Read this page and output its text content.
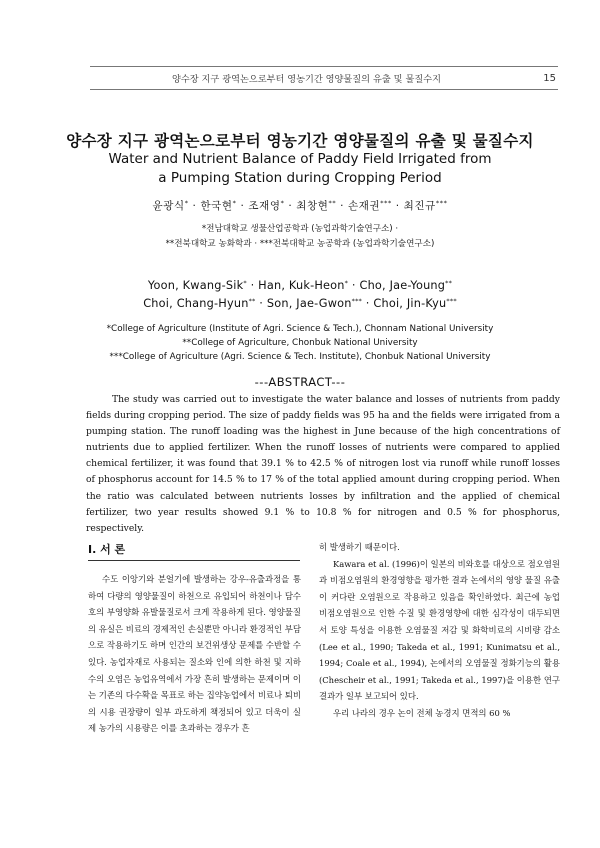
양수장 지구 광역논으로부터 영농기간 영양물질의 유출 및 물질수지	15
양수장 지구 광역논으로부터 영농기간 영양물질의 유출 및 물질수지
Water and Nutrient Balance of Paddy Field Irrigated from
a Pumping Station during Cropping Period
윤광식* · 한국현* · 조재영* · 최창현** · 손재권*** · 최진규***
*전남대학교 생물산업공학과 (농업과학기술연구소) ·
**전북대학교 농화학과 · ***전북대학교 농공학과 (농업과학기술연구소)
Yoon, Kwang-Sik* · Han, Kuk-Heon* · Cho, Jae-Young**
Choi, Chang-Hyun** · Son, Jae-Gwon*** · Choi, Jin-Kyu***
*College of Agriculture (Institute of Agri. Science & Tech.), Chonnam National University
**College of Agriculture, Chonbuk National University
***College of Agriculture (Agri. Science & Tech. Institute), Chonbuk National University
---ABSTRACT---

The study was carried out to investigate the water balance and losses of nutrients from paddy fields during cropping period. The size of paddy fields was 95 ha and the fields were irrigated from a pumping station. The runoff loading was the highest in June because of the high concentrations of nutrients due to applied fertilizer. When the runoff losses of nutrients were compared to applied chemical fertilizer, it was found that 39.1 % to 42.5 % of nitrogen lost via runoff while runoff losses of phosphorus account for 14.5 % to 17 % of the total applied amount during cropping period. When the ratio was calculated between nutrients losses by infiltration and the applied of chemical fertilizer, two year results showed 9.1 % to 10.8 % for nitrogen and 0.5 % for phosphorus, respectively.

I. 서 론

수도 이앙기와 분얼기에 발생하는 강우-유출과정을 통하여 다량의 영양물질이 하천으로 유입되어 하천이나 담수호의 부영양화 유발물질로서 크게 작용하게 된다. 영양물질의 유실은 비료의 경제적인 손실뿐만 아니라 환경적인 부담으로 작용하기도 하며 인간의 보건위생상 문제를 수반할 수 있다. 농업자재로 사용되는 질소와 인에 의한 하천 및 지하수의 오염은 농업유역에서 가장 흔히 발생하는 문제이며 이는 기존의 다수확을 목표로 하는 집약농업에서 비료나 퇴비의 시용 권장량이 일부 과도하게 책정되어 있고 더욱이 실제 농가의 시용량은 이를 초과하는 경우가 흔

히 발생하기 때문이다.

Kawara et al. (1996)이 일본의 비와호를 대상으로 점오염원과 비점오염원의 환경영향을 평가한 결과 논에서의 영양 물질 유출이 커다란 오염원으로 작용하고 있음을 확인하였다. 최근에 농업 비점오염원으로 인한 수질 및 환경영향에 대한 심각성이 대두되면서 토양 특성을 이용한 오염물질 저감 및 화학비료의 시비량 감소 (Lee et al., 1990; Takeda et al., 1991; Kunimatsu et al., 1994; Coale et al., 1994), 논에서의 오염물질 정화기능의 활용 (Chescheir et al., 1991; Takeda et al., 1997)을 이용한 연구결과가 일부 보고되어 있다.

우리 나라의 경우 논이 전체 농경지 면적의 60 %
